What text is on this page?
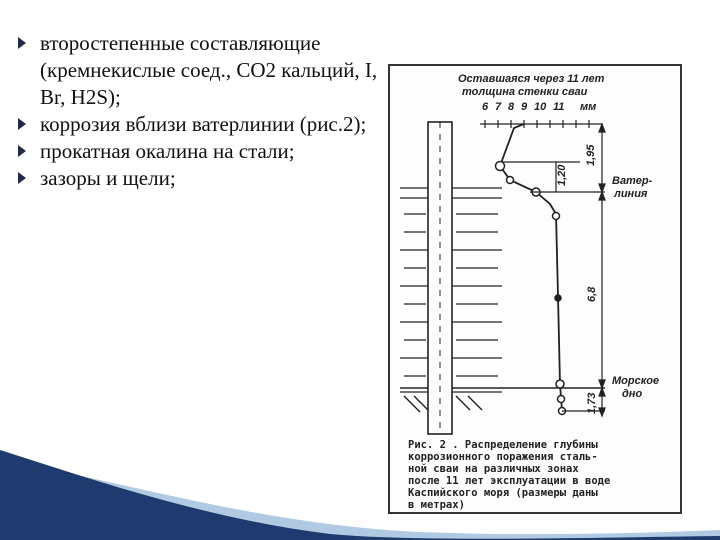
второстепенные составляющие (кремнекислые соед., СО2 кальций, I, Br, H2S);
коррозия вблизи ватерлинии (рис.2);
прокатная окалина на стали;
зазоры и щели;
Оставшаяся через 11 лет
толщина стенки сваи
6 7 8 9 10 11 мм
1,95
1,20
6,8
1,73
Ватер-
линия
Морское
дно
Рис. 2 . Распределение глубины
коррозионного поражения сталь-
ной сваи на различных зонах
после 11 лет эксплуатации в воде
Каспийского моря (размеры даны
в метрах)
